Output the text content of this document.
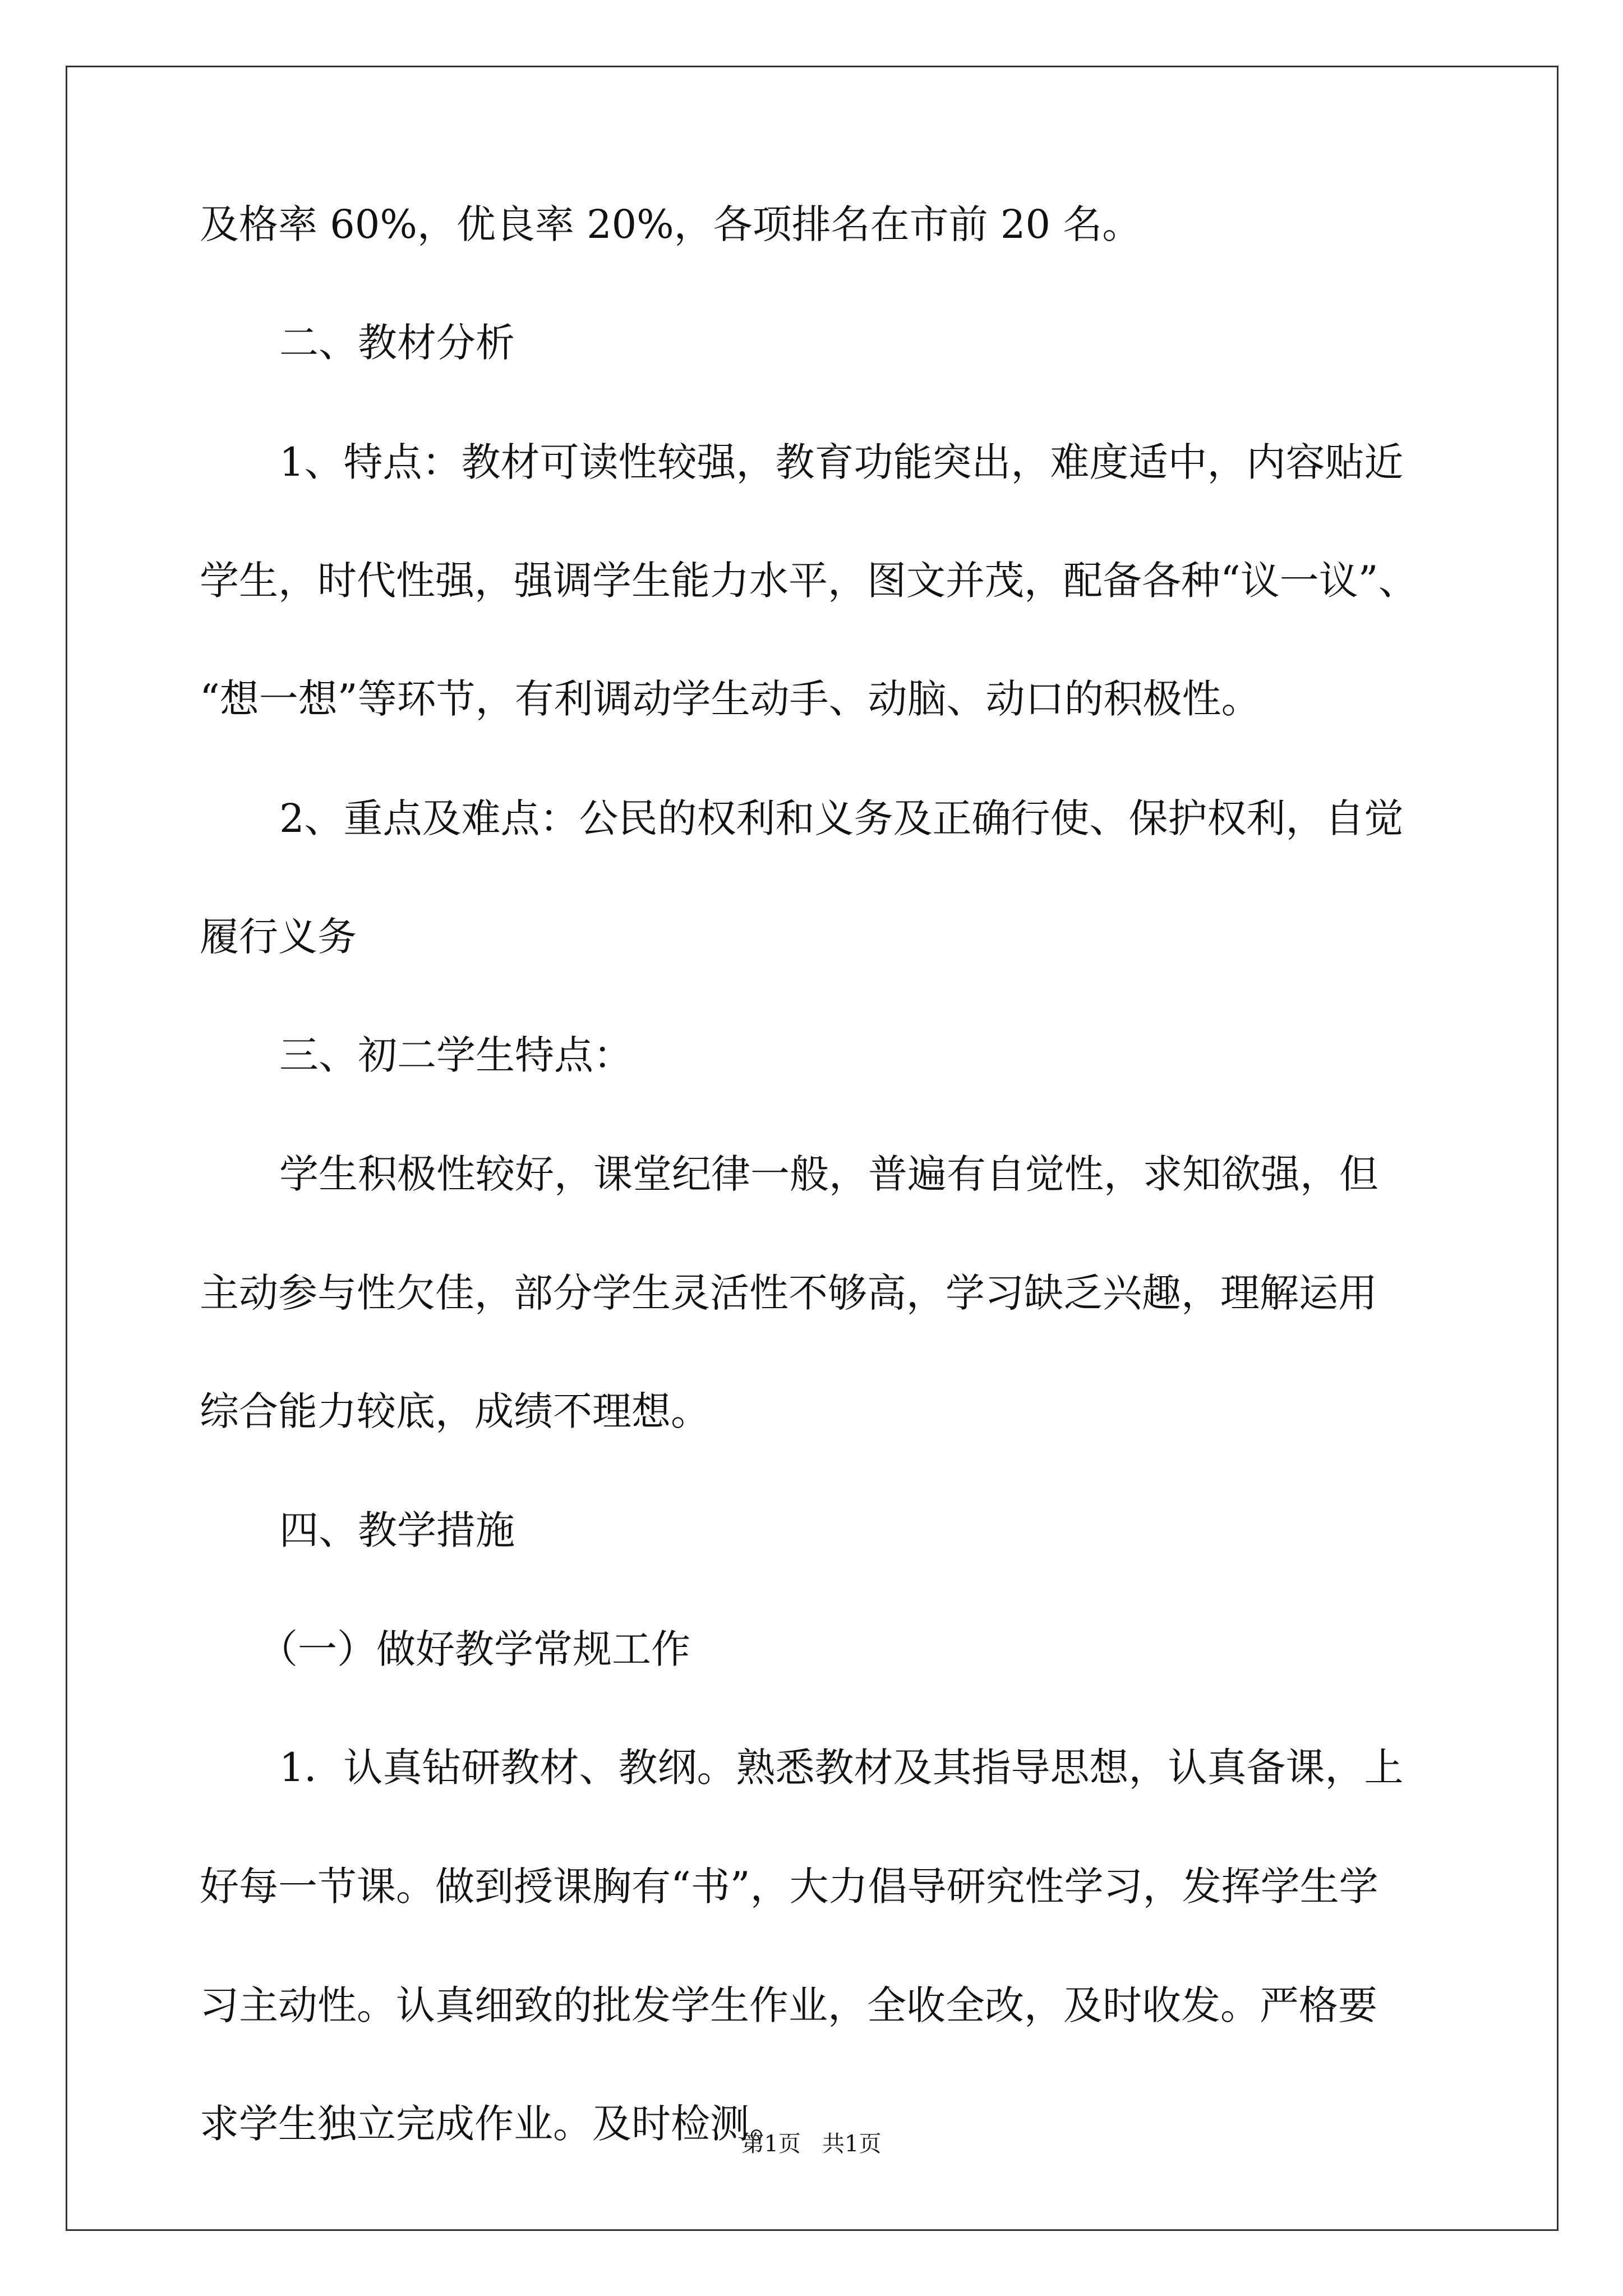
及格率 60%，优良率 20%，各项排名在市前 20 名。
二、教材分析
1、特点：教材可读性较强，教育功能突出，难度适中，内容贴近
学生，时代性强，强调学生能力水平，图文并茂，配备各种“议一议”、
“想一想”等环节，有利调动学生动手、动脑、动口的积极性。
2、重点及难点：公民的权利和义务及正确行使、保护权利，自觉
履行义务
三、初二学生特点：
学生积极性较好，课堂纪律一般，普遍有自觉性，求知欲强，但
主动参与性欠佳，部分学生灵活性不够高，学习缺乏兴趣，理解运用
综合能力较底，成绩不理想。
四、教学措施
（一）做好教学常规工作
1．认真钻研教材、教纲。熟悉教材及其指导思想，认真备课，上
好每一节课。做到授课胸有“书”，大力倡导研究性学习，发挥学生学
习主动性。认真细致的批发学生作业，全收全改，及时收发。严格要
求学生独立完成作业。及时检测。
第1页   共1页
